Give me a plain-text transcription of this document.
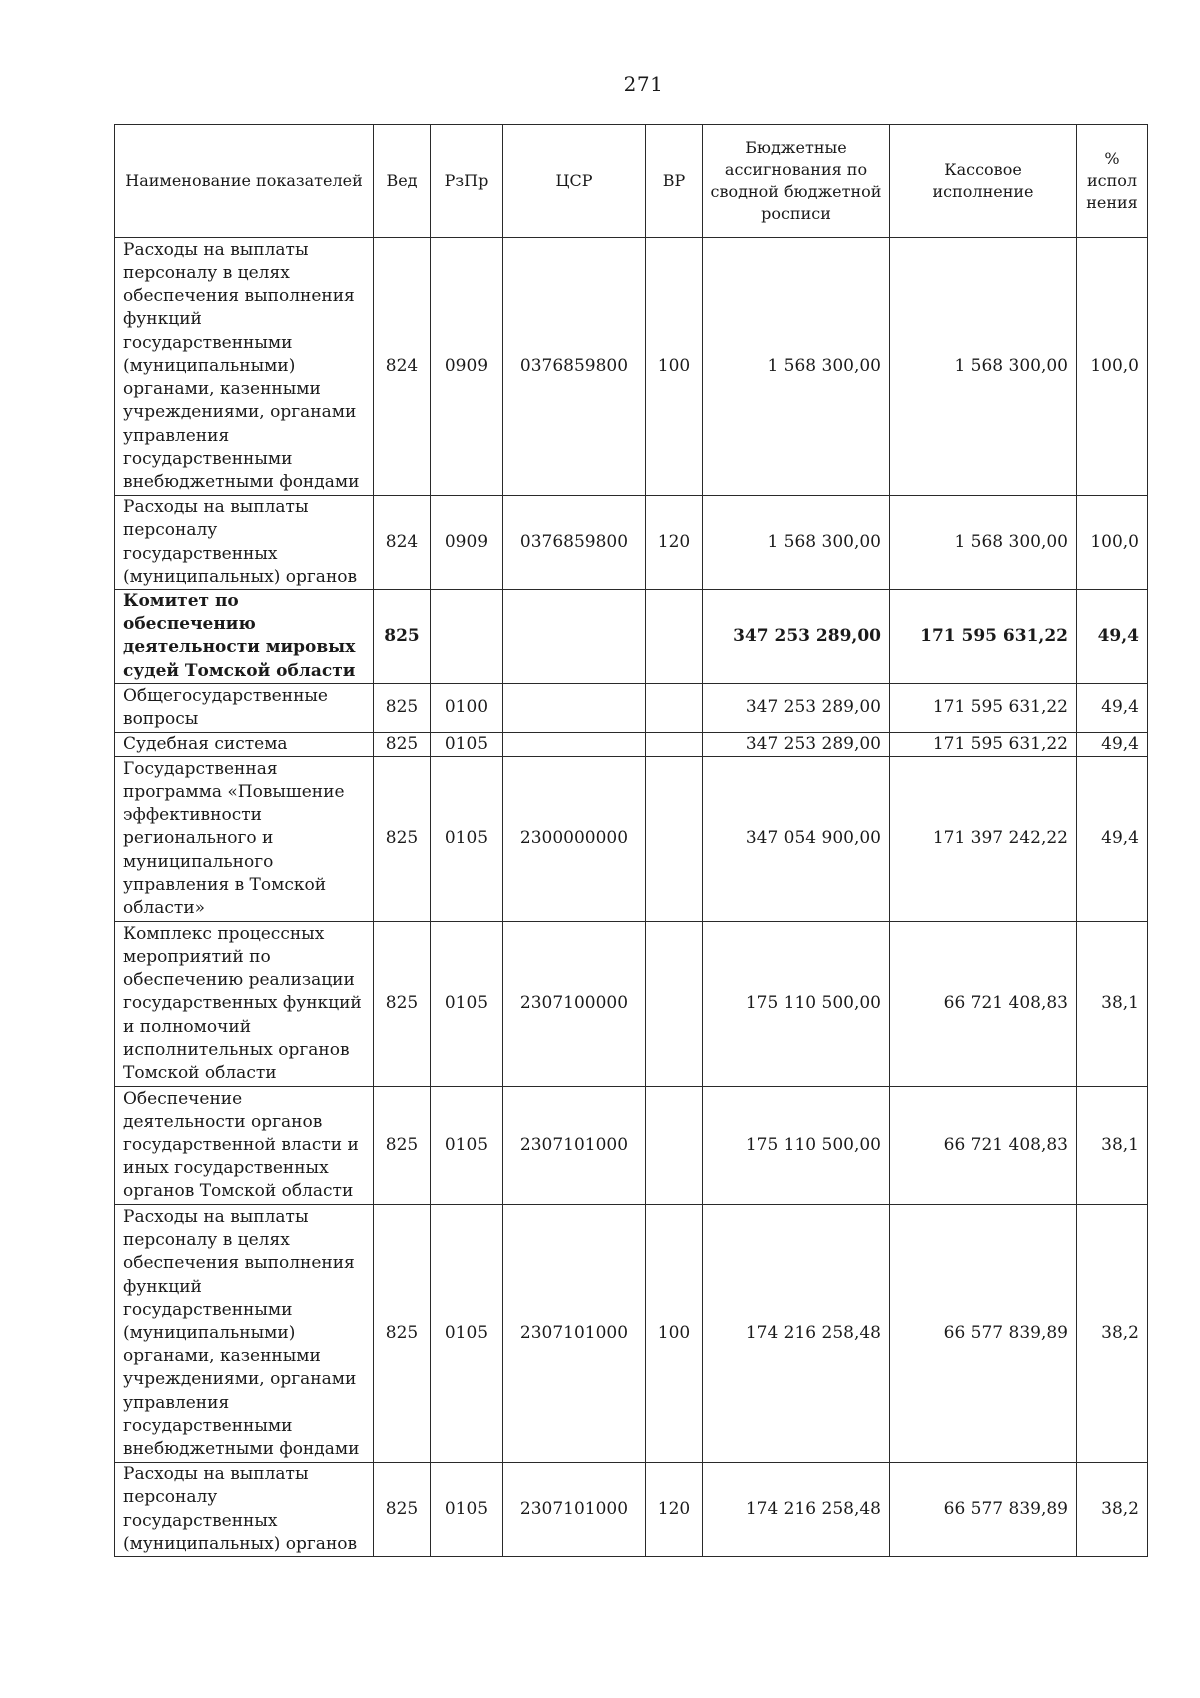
271
Наименование показателей	Вед	РзПр	ЦСР	ВР	Бюджетные ассигнования по сводной бюджетной росписи	Кассовое исполнение	% испол нения
Расходы на выплаты персоналу в целях обеспечения выполнения функций государственными (муниципальными) органами, казенными учреждениями, органами управления государственными внебюджетными фондами	824	0909	0376859800	100	1 568 300,00	1 568 300,00	100,0
Расходы на выплаты персоналу государственных (муниципальных) органов	824	0909	0376859800	120	1 568 300,00	1 568 300,00	100,0
Комитет по обеспечению деятельности мировых судей Томской области	825				347 253 289,00	171 595 631,22	49,4
Общегосударственные вопросы	825	0100			347 253 289,00	171 595 631,22	49,4
Судебная система	825	0105			347 253 289,00	171 595 631,22	49,4
Государственная программа «Повышение эффективности регионального и муниципального управления в Томской области»	825	0105	2300000000		347 054 900,00	171 397 242,22	49,4
Комплекс процессных мероприятий по обеспечению реализации государственных функций и полномочий исполнительных органов Томской области	825	0105	2307100000		175 110 500,00	66 721 408,83	38,1
Обеспечение деятельности органов государственной власти и иных государственных органов Томской области	825	0105	2307101000		175 110 500,00	66 721 408,83	38,1
Расходы на выплаты персоналу в целях обеспечения выполнения функций государственными (муниципальными) органами, казенными учреждениями, органами управления государственными внебюджетными фондами	825	0105	2307101000	100	174 216 258,48	66 577 839,89	38,2
Расходы на выплаты персоналу государственных (муниципальных) органов	825	0105	2307101000	120	174 216 258,48	66 577 839,89	38,2
